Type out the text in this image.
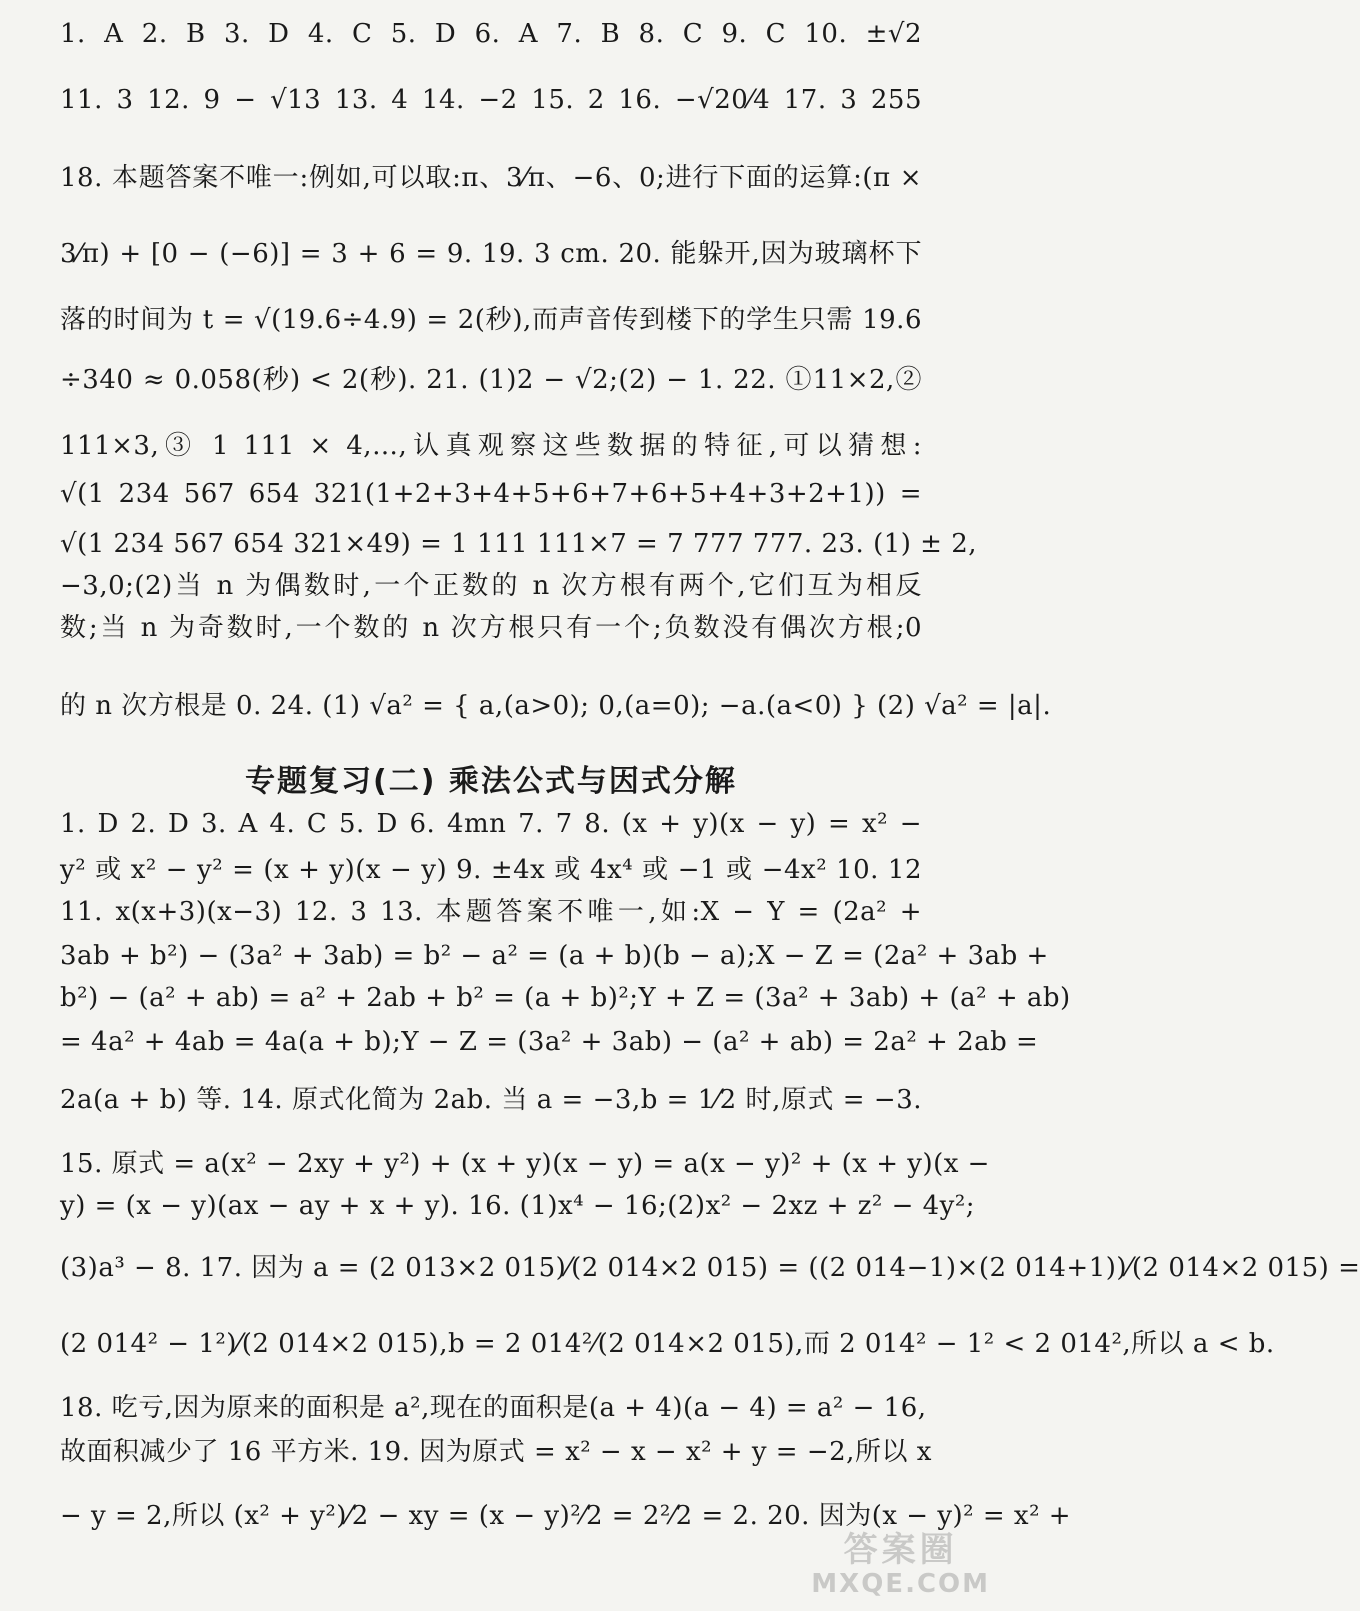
1. A 2. B 3. D 4. C 5. D 6. A 7. B 8. C 9. C 10. ±√2
11. 3 12. 9 − √13 13. 4 14. −2 15. 2 16. −√20⁄4 17. 3 255
18. 本题答案不唯一:例如,可以取:π、3⁄π、−6、0;进行下面的运算:(π ×
3⁄π) + [0 − (−6)] = 3 + 6 = 9. 19. 3 cm. 20. 能躲开,因为玻璃杯下
落的时间为 t = √(19.6÷4.9) = 2(秒),而声音传到楼下的学生只需 19.6
÷340 ≈ 0.058(秒) < 2(秒). 21. (1)2 − √2;(2) − 1. 22. ①11×2,②
111×3,③ 1 111 × 4,…,认真观察这些数据的特征,可以猜想:
√(1 234 567 654 321(1+2+3+4+5+6+7+6+5+4+3+2+1)) =
√(1 234 567 654 321×49) = 1 111 111×7 = 7 777 777. 23. (1) ± 2,
−3,0;(2)当 n 为偶数时,一个正数的 n 次方根有两个,它们互为相反
数;当 n 为奇数时,一个数的 n 次方根只有一个;负数没有偶次方根;0
的 n 次方根是 0. 24. (1) √a² = { a,(a>0); 0,(a=0); −a.(a<0) } (2) √a² = |a|.
专题复习(二) 乘法公式与因式分解
1. D 2. D 3. A 4. C 5. D 6. 4mn 7. 7 8. (x + y)(x − y) = x² −
y² 或 x² − y² = (x + y)(x − y) 9. ±4x 或 4x⁴ 或 −1 或 −4x² 10. 12
11. x(x+3)(x−3) 12. 3 13. 本题答案不唯一,如:X − Y = (2a² +
3ab + b²) − (3a² + 3ab) = b² − a² = (a + b)(b − a);X − Z = (2a² + 3ab +
b²) − (a² + ab) = a² + 2ab + b² = (a + b)²;Y + Z = (3a² + 3ab) + (a² + ab)
= 4a² + 4ab = 4a(a + b);Y − Z = (3a² + 3ab) − (a² + ab) = 2a² + 2ab =
2a(a + b) 等. 14. 原式化简为 2ab. 当 a = −3,b = 1⁄2 时,原式 = −3.
15. 原式 = a(x² − 2xy + y²) + (x + y)(x − y) = a(x − y)² + (x + y)(x −
y) = (x − y)(ax − ay + x + y). 16. (1)x⁴ − 16;(2)x² − 2xz + z² − 4y²;
(3)a³ − 8. 17. 因为 a = (2 013×2 015)⁄(2 014×2 015) = ((2 014−1)×(2 014+1))⁄(2 014×2 015) =
(2 014² − 1²)⁄(2 014×2 015),b = 2 014²⁄(2 014×2 015),而 2 014² − 1² < 2 014²,所以 a < b.
18. 吃亏,因为原来的面积是 a²,现在的面积是(a + 4)(a − 4) = a² − 16,
故面积减少了 16 平方米. 19. 因为原式 = x² − x − x² + y = −2,所以 x
− y = 2,所以 (x² + y²)⁄2 − xy = (x − y)²⁄2 = 2²⁄2 = 2. 20. 因为(x − y)² = x² +
答案圈
MXQE.COM
